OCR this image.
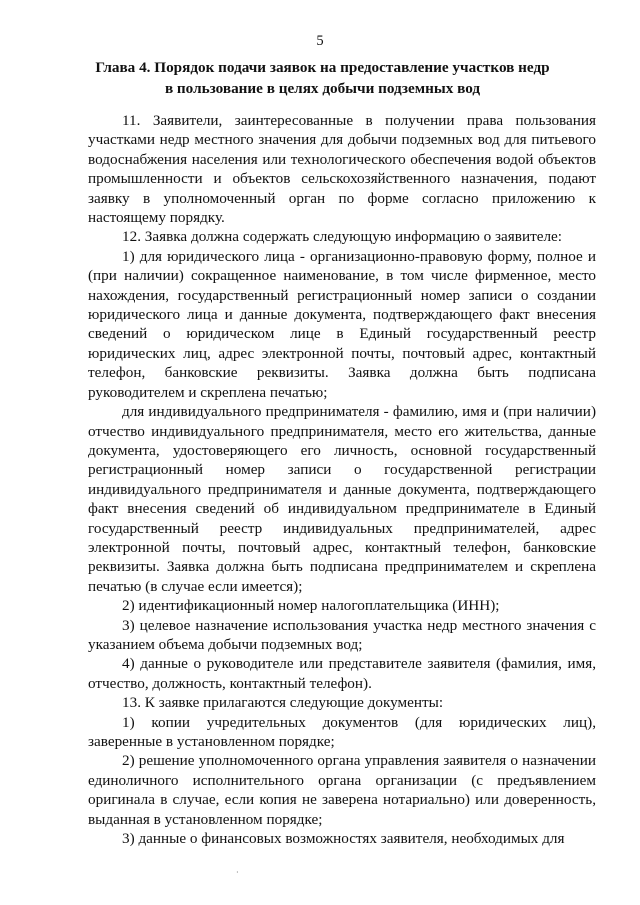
5
Глава 4. Порядок подачи заявок на предоставление участков недр
в пользование в целях добычи подземных вод

11. Заявители, заинтересованные в получении права пользования участками недр местного значения для добычи подземных вод для питьевого водоснабжения населения или технологического обеспечения водой объектов промышленности и объектов сельскохозяйственного назначения, подают заявку в уполномоченный орган по форме согласно приложению к настоящему порядку.

12. Заявка должна содержать следующую информацию о заявителе:

1) для юридического лица - организационно-правовую форму, полное и (при наличии) сокращенное наименование, в том числе фирменное, место нахождения, государственный регистрационный номер записи о создании юридического лица и данные документа, подтверждающего факт внесения сведений о юридическом лице в Единый государственный реестр юридических лиц, адрес электронной почты, почтовый адрес, контактный телефон, банковские реквизиты. Заявка должна быть подписана руководителем и скреплена печатью;

для индивидуального предпринимателя - фамилию, имя и (при наличии) отчество индивидуального предпринимателя, место его жительства, данные документа, удостоверяющего его личность, основной государственный регистрационный номер записи о государственной регистрации индивидуального предпринимателя и данные документа, подтверждающего факт внесения сведений об индивидуальном предпринимателе в Единый государственный реестр индивидуальных предпринимателей, адрес электронной почты, почтовый адрес, контактный телефон, банковские реквизиты. Заявка должна быть подписана предпринимателем и скреплена печатью (в случае если имеется);

2) идентификационный номер налогоплательщика (ИНН);

3) целевое назначение использования участка недр местного значения с указанием объема добычи подземных вод;

4) данные о руководителе или представителе заявителя (фамилия, имя, отчество, должность, контактный телефон).

13. К заявке прилагаются следующие документы:

1) копии учредительных документов (для юридических лиц), заверенные в установленном порядке;

2) решение уполномоченного органа управления заявителя о назначении единоличного исполнительного органа организации (с предъявлением оригинала в случае, если копия не заверена нотариально) или доверенность, выданная в установленном порядке;

3) данные о финансовых возможностях заявителя, необходимых для

·
